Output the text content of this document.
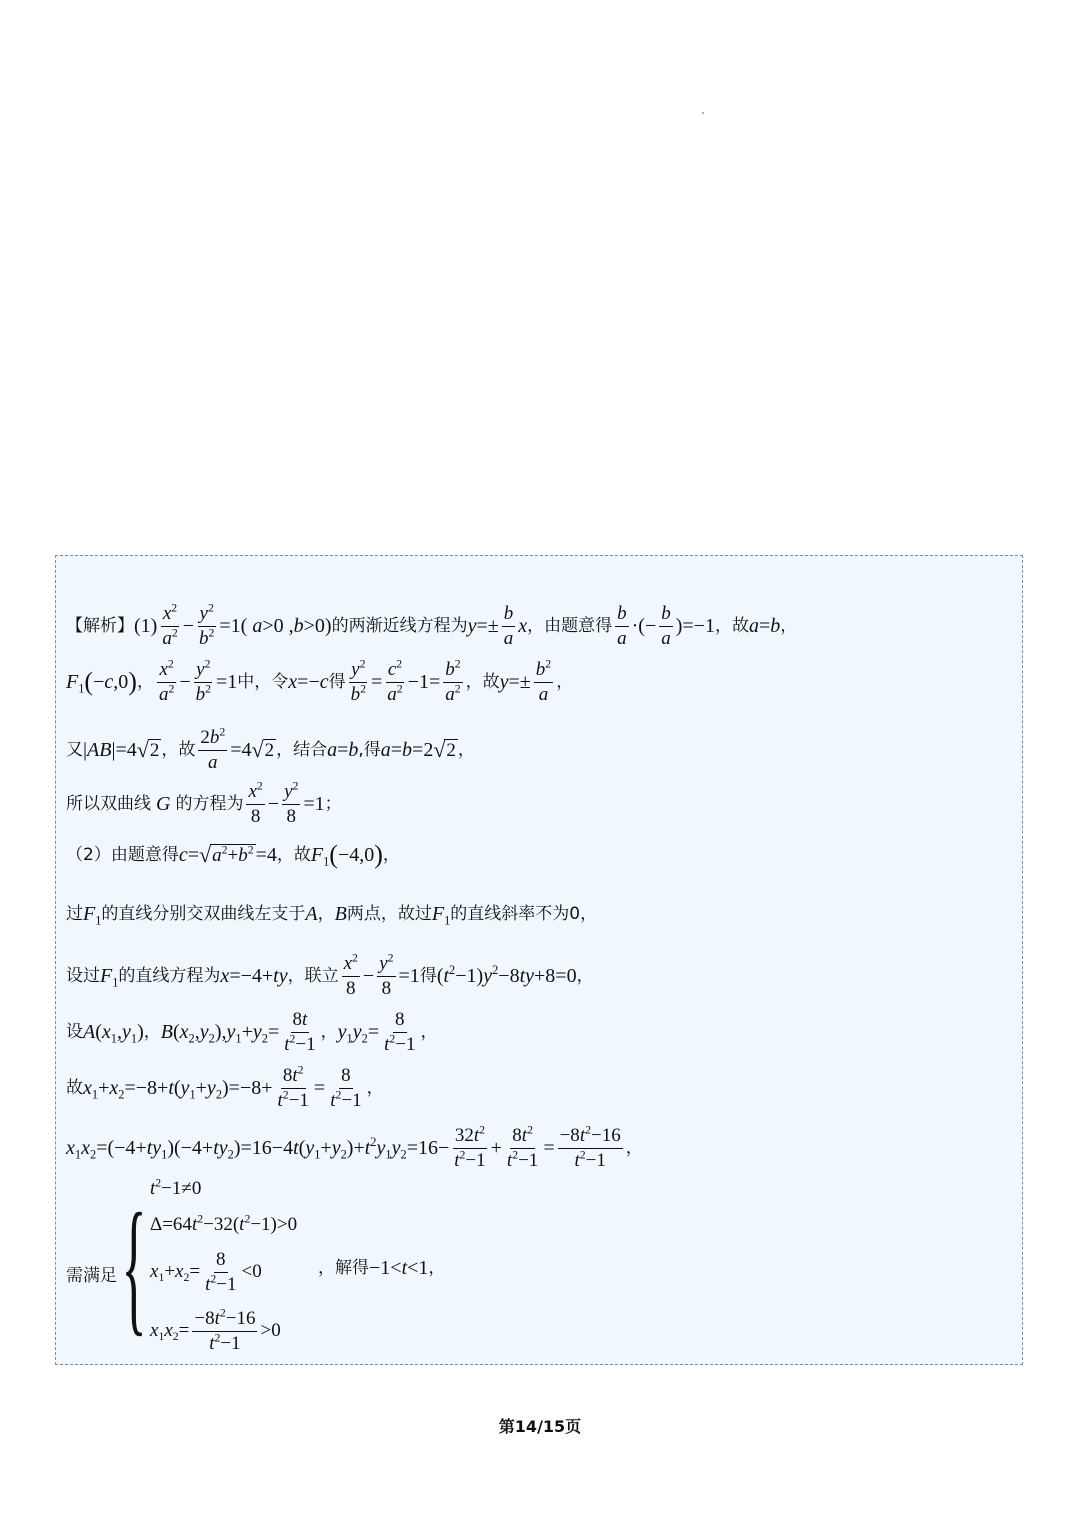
【解析】 $(1) \frac{x^2}{a^2} - \frac{y^2}{b^2} =1$( a>0 ,b>0) 的两渐近线方程为 $y=\pm \frac{b}{a}$ x ，由题意得 $\frac{b}{a}$ ·(− $\frac{b}{a} )=-1$ ，故 a=b ，
$F_1$ ( −c,0 ) ， $\frac{x^2}{a^2} - \frac{y^2}{b^2} =1$ 中，令 x=−c 得 $\frac{y^2}{b^2} = \frac{c^2}{a^2} -1= \frac{b^2}{a^2}$ ，故 $y=\pm \frac{b^2}{a}$ ，
又 |AB|=4 √ 2 ，故 $\frac{2b^2}{a} =4$ √ 2 ，结合 a=b ,得 a=b=2 √ 2 ，
所以双曲线 G 的方程为 $\frac{x^2}{8} - \frac{y^2}{8} =1$ ；
（2）由题意得 c= √ $a^2+b^2 =4$ ，故 $F_1$ ( −4,0 ) ，
过 $F_1$ 的直线分别交双曲线左支于 A ， B 两点，故过 $F_1$ 的直线斜率不为0，
设过 $F_1$ 的直线方程为 x=−4+ty ，联立 $\frac{x^2}{8} - \frac{y^2}{8} =1$ 得 $(t^2-1)y^2-8ty+8=0$ ，
设 $A(x_1,y_1)$ ， $B(x_2,y_2),y_1+y_2= \frac{8t}{t^2-1}$ ， $y_1y_2= \frac{8}{t^2-1}$ ，
故 $x_1+x_2=-8+t(y_1+y_2)=-8+ \frac{8t^2}{t^2-1} = \frac{8}{t^2-1}$ ，
$x_1x_2=(-4+ty_1)(-4+ty_2)=16-4t(y_1+y_2)+t^2y_1y_2=16- \frac{32t^2}{t^2-1} + \frac{8t^2}{t^2-1} = \frac{-8t^2-16}{t^2-1}$ ，
需满足 { $t^2-1\ne 0$
$\Delta=64t^2-32(t^2-1)>0$
$x_1+x_2= \frac{8}{t^2-1} <0$
$x_1x_2= \frac{-8t^2-16}{t^2-1} >0$
，解得 −1<t<1 ，
第14/15页
